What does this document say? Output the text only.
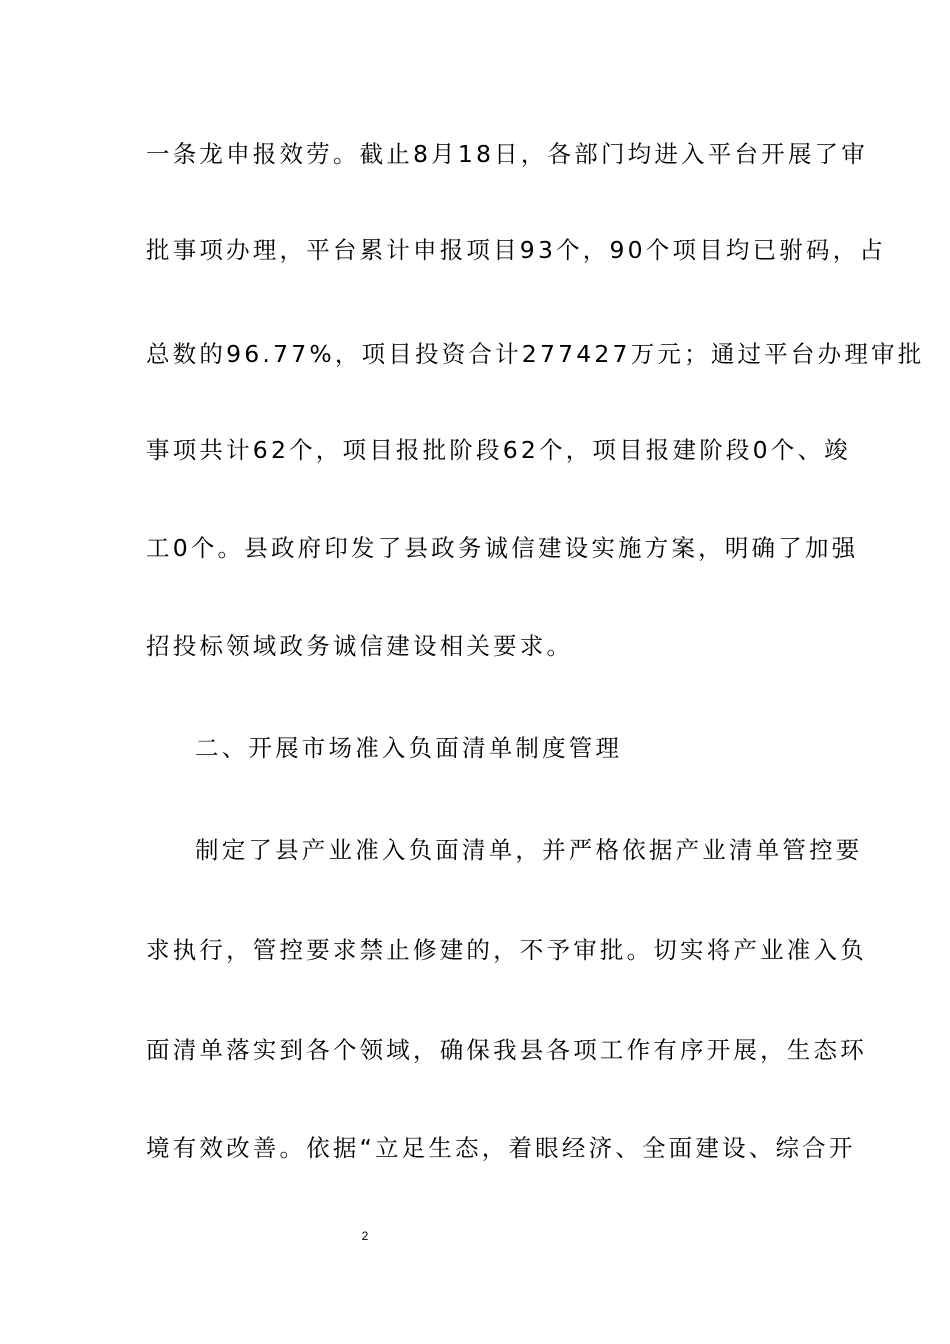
一条龙申报效劳。截止8月18日，各部门均进入平台开展了审
批事项办理，平台累计申报项目93个，90个项目均已驸码，占
总数的96.77%，项目投资合计277427万元；通过平台办理审批
事项共计62个，项目报批阶段62个，项目报建阶段0个、竣
工0个。县政府印发了县政务诚信建设实施方案，明确了加强
招投标领域政务诚信建设相关要求。
二、开展市场准入负面清单制度管理
制定了县产业准入负面清单，并严格依据产业清单管控要
求执行，管控要求禁止修建的，不予审批。切实将产业准入负
面清单落实到各个领域，确保我县各项工作有序开展，生态环
境有效改善。依据“立足生态，着眼经济、全面建设、综合开
2
